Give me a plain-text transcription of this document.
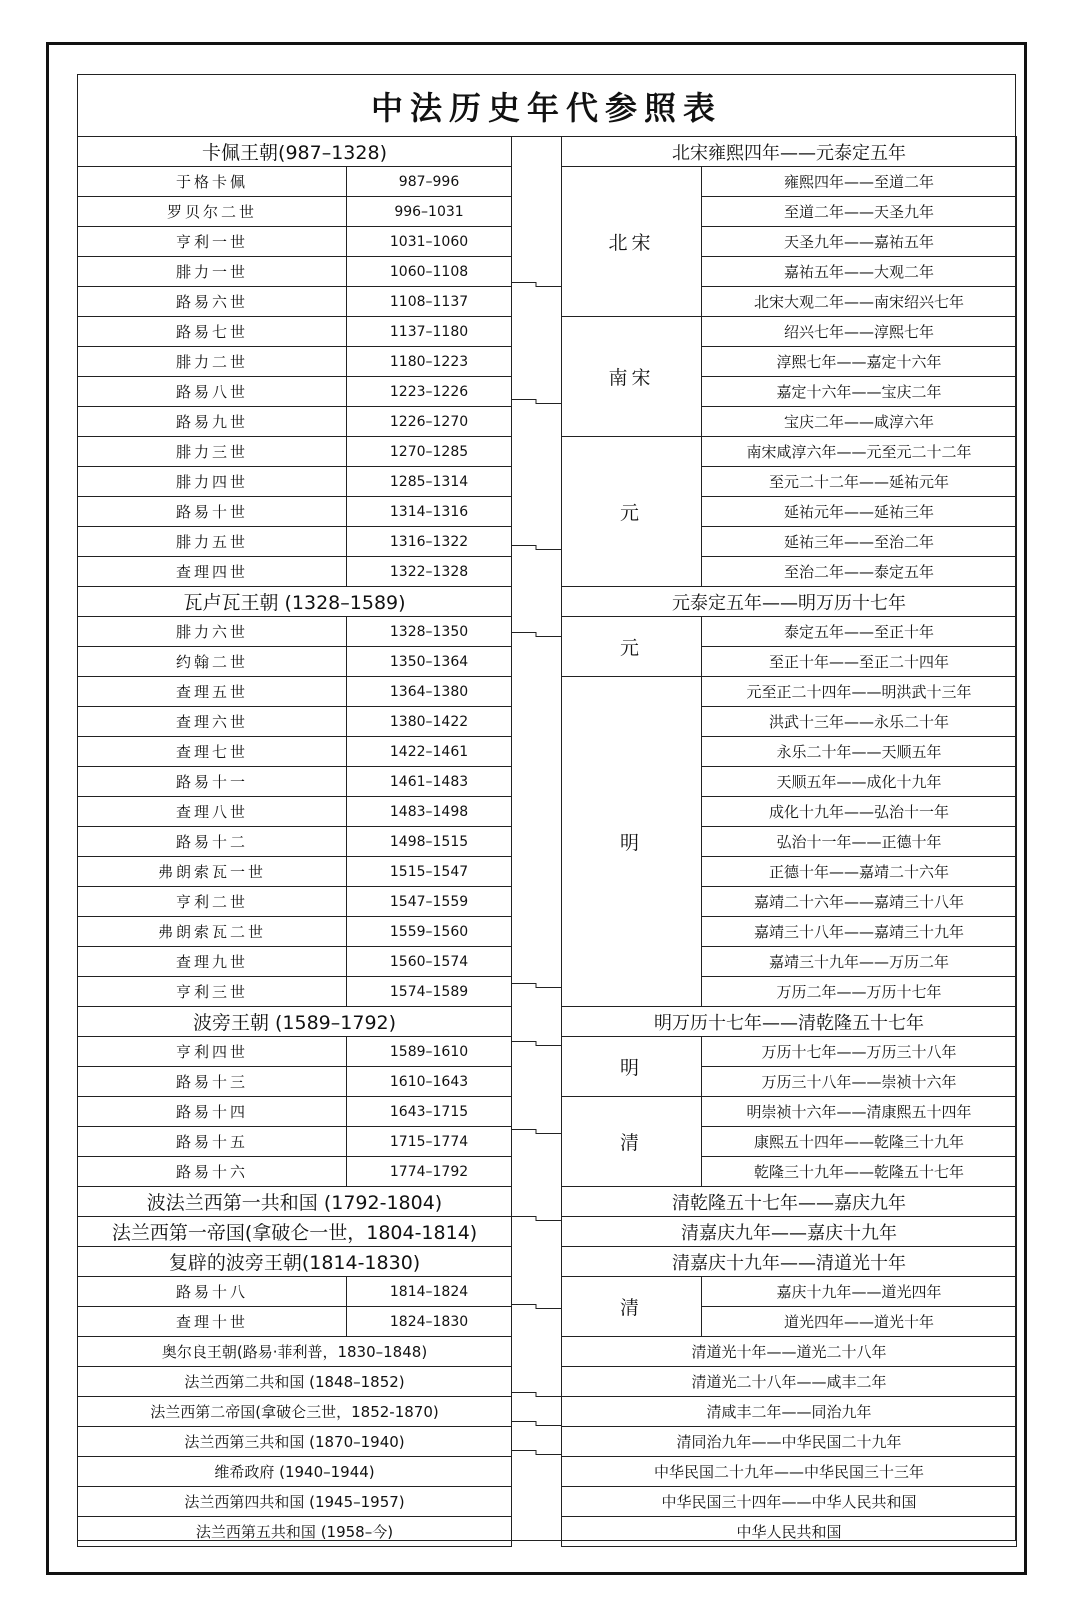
中法历史年代参照表
卡佩王朝(987–1328)	
于格卡佩	987–996
罗贝尔二世	996–1031
亨利一世	1031–1060
腓力一世	1060–1108
路易六世	1108–1137
路易七世	1137–1180
腓力二世	1180–1223
路易八世	1223–1226
路易九世	1226–1270
腓力三世	1270–1285
腓力四世	1285–1314
路易十世	1314–1316
腓力五世	1316–1322
查理四世	1322–1328
瓦卢瓦王朝 (1328–1589)	
腓力六世	1328–1350
约翰二世	1350–1364
查理五世	1364–1380
查理六世	1380–1422
查理七世	1422–1461
路易十一	1461–1483
查理八世	1483–1498
路易十二	1498–1515
弗朗索瓦一世	1515–1547
亨利二世	1547–1559
弗朗索瓦二世	1559–1560
查理九世	1560–1574
亨利三世	1574–1589
波旁王朝 (1589–1792)	
亨利四世	1589–1610
路易十三	1610–1643
路易十四	1643–1715
路易十五	1715–1774
路易十六	1774–1792
波法兰西第一共和国 (1792-1804)	
法兰西第一帝国(拿破仑一世，1804-1814)	
复辟的波旁王朝(1814-1830)	
路易十八	1814–1824
查理十世	1824–1830
奥尔良王朝(路易·菲利普，1830–1848)	
法兰西第二共和国 (1848–1852)	
法兰西第二帝国(拿破仑三世，1852-1870)	
法兰西第三共和国 (1870–1940)	
维希政府 (1940–1944)	
法兰西第四共和国 (1945–1957)	
法兰西第五共和国 (1958–今)	
北宋雍熙四年——元泰定五年	
北宋	雍熙四年——至道二年
	至道二年——天圣九年
	天圣九年——嘉祐五年
	嘉祐五年——大观二年
	北宋大观二年——南宋绍兴七年
南宋	绍兴七年——淳熙七年
	淳熙七年——嘉定十六年
	嘉定十六年——宝庆二年
	宝庆二年——咸淳六年
元	南宋咸淳六年——元至元二十二年
	至元二十二年——延祐元年
	延祐元年——延祐三年
	延祐三年——至治二年
	至治二年——泰定五年
元泰定五年——明万历十七年	
元	泰定五年——至正十年
	至正十年——至正二十四年
明	元至正二十四年——明洪武十三年
	洪武十三年——永乐二十年
	永乐二十年——天顺五年
	天顺五年——成化十九年
	成化十九年——弘治十一年
	弘治十一年——正德十年
	正德十年——嘉靖二十六年
	嘉靖二十六年——嘉靖三十八年
	嘉靖三十八年——嘉靖三十九年
	嘉靖三十九年——万历二年
	万历二年——万历十七年
明万历十七年——清乾隆五十七年	
明	万历十七年——万历三十八年
	万历三十八年——崇祯十六年
清	明崇祯十六年——清康熙五十四年
	康熙五十四年——乾隆三十九年
	乾隆三十九年——乾隆五十七年
清乾隆五十七年——嘉庆九年	
清嘉庆九年——嘉庆十九年	
清嘉庆十九年——清道光十年	
清	嘉庆十九年——道光四年
	道光四年——道光十年
清道光十年——道光二十八年	
清道光二十八年——咸丰二年	
清咸丰二年——同治九年	
清同治九年——中华民国二十九年	
中华民国二十九年——中华民国三十三年	
中华民国三十四年——中华人民共和国	
中华人民共和国	
